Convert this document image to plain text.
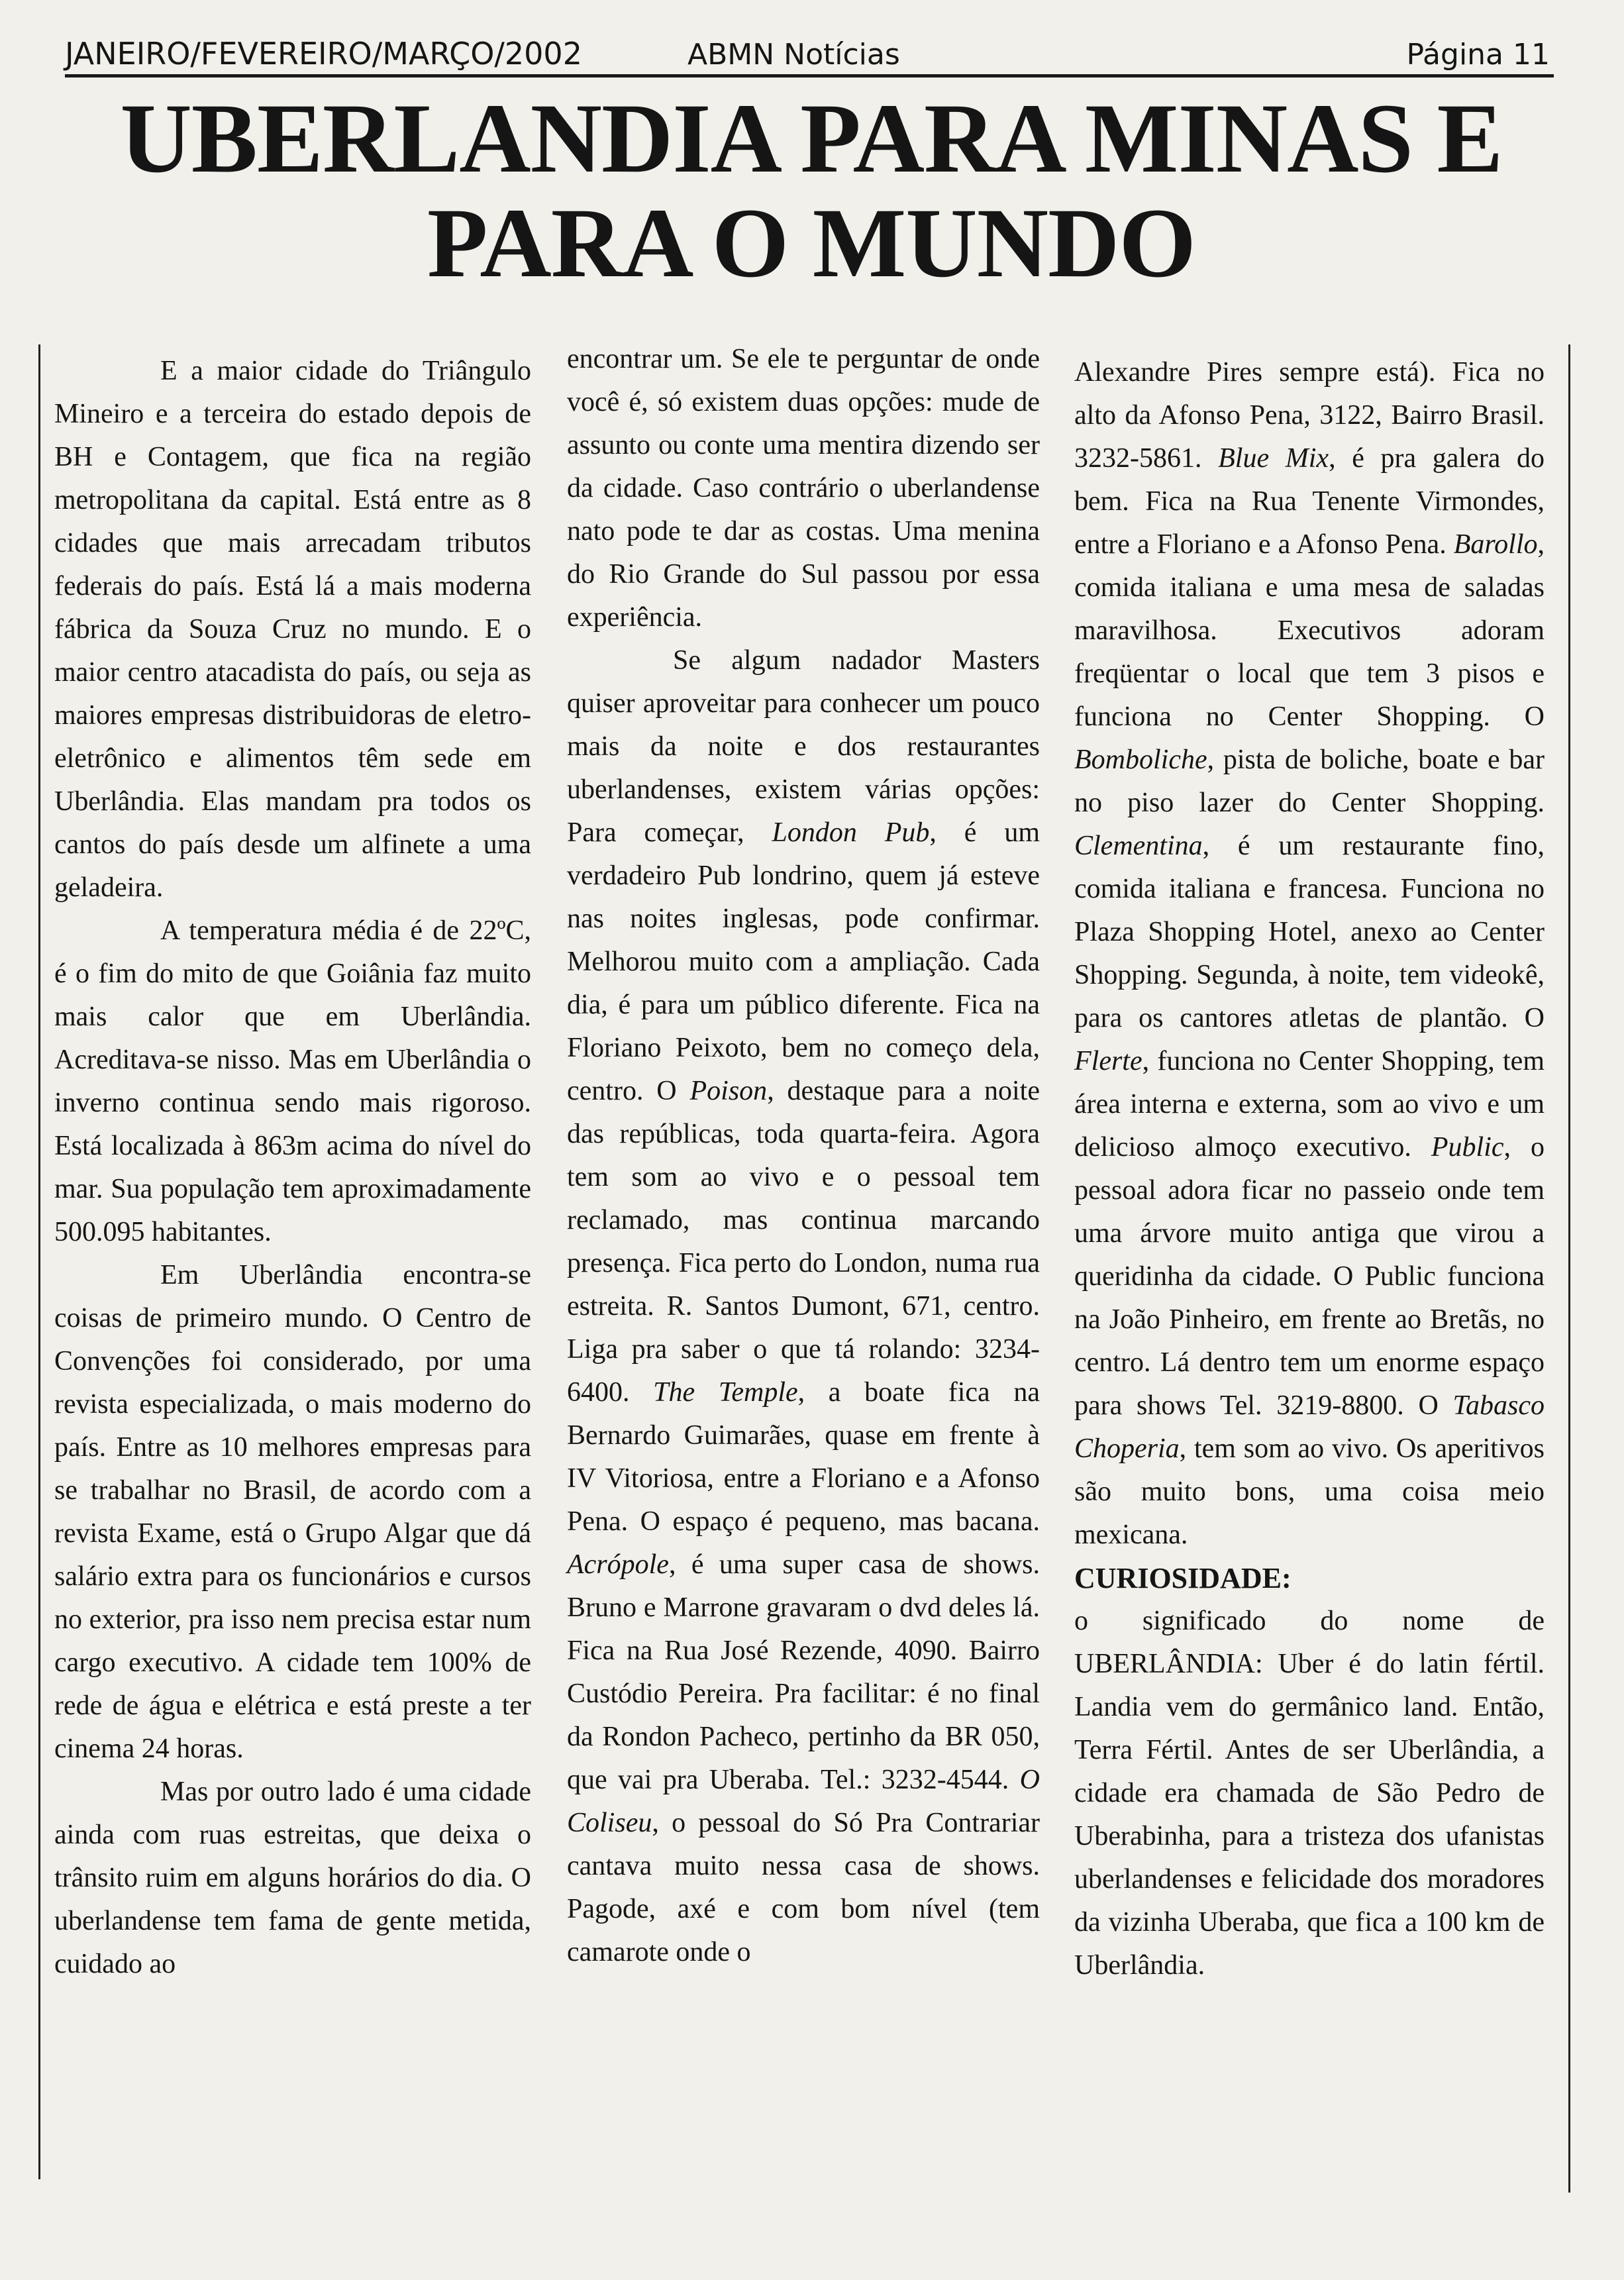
JANEIRO/FEVEREIRO/MARÇO/2002	ABMN Notícias	Página 11
UBERLANDIA PARA MINAS E
PARA O MUNDO

E a maior cidade do Triângulo Mineiro e a terceira do estado depois de BH e Contagem, que fica na região metropolitana da capital. Está entre as 8 cidades que mais arrecadam tributos federais do país. Está lá a mais moderna fábrica da Souza Cruz no mundo. E o maior centro atacadista do país, ou seja as maiores empresas distribuidoras de eletro-eletrônico e alimentos têm sede em Uberlândia. Elas mandam pra todos os cantos do país desde um alfinete a uma geladeira.

A temperatura média é de 22ºC, é o fim do mito de que Goiânia faz muito mais calor que em Uberlândia. Acreditava-se nisso. Mas em Uberlândia o inverno continua sendo mais rigoroso. Está localizada à 863m acima do nível do mar. Sua população tem aproximadamente 500.095 habitantes.

Em Uberlândia encontra-se coisas de primeiro mundo. O Centro de Convenções foi considerado, por uma revista especializada, o mais moderno do país. Entre as 10 melhores empresas para se trabalhar no Brasil, de acordo com a revista Exame, está o Grupo Algar que dá salário extra para os funcionários e cursos no exterior, pra isso nem precisa estar num cargo executivo. A cidade tem 100% de rede de água e elétrica e está preste a ter cinema 24 horas.

Mas por outro lado é uma cidade ainda com ruas estreitas, que deixa o trânsito ruim em alguns horários do dia. O uberlandense tem fama de gente metida, cuidado ao

encontrar um. Se ele te perguntar de onde você é, só existem duas opções: mude de assunto ou conte uma mentira dizendo ser da cidade. Caso contrário o uberlandense nato pode te dar as costas. Uma menina do Rio Grande do Sul passou por essa experiência.

Se algum nadador Masters quiser aproveitar para conhecer um pouco mais da noite e dos restaurantes uberlandenses, existem várias opções: Para começar, London Pub, é um verdadeiro Pub londrino, quem já esteve nas noites inglesas, pode confirmar. Melhorou muito com a ampliação. Cada dia, é para um público diferente. Fica na Floriano Peixoto, bem no começo dela, centro. O Poison, destaque para a noite das repúblicas, toda quarta-feira. Agora tem som ao vivo e o pessoal tem reclamado, mas continua marcando presença. Fica perto do London, numa rua estreita. R. Santos Dumont, 671, centro. Liga pra saber o que tá rolando: 3234-6400. The Temple, a boate fica na Bernardo Guimarães, quase em frente à IV Vitoriosa, entre a Floriano e a Afonso Pena. O espaço é pequeno, mas bacana. Acrópole, é uma super casa de shows. Bruno e Marrone gravaram o dvd deles lá. Fica na Rua José Rezende, 4090. Bairro Custódio Pereira. Pra facilitar: é no final da Rondon Pacheco, pertinho da BR 050, que vai pra Uberaba. Tel.: 3232-4544. O Coliseu, o pessoal do Só Pra Contrariar cantava muito nessa casa de shows. Pagode, axé e com bom nível (tem camarote onde o

Alexandre Pires sempre está). Fica no alto da Afonso Pena, 3122, Bairro Brasil. 3232-5861. Blue Mix, é pra galera do bem. Fica na Rua Tenente Virmondes, entre a Floriano e a Afonso Pena. Barollo, comida italiana e uma mesa de saladas maravilhosa. Executivos adoram freqüentar o local que tem 3 pisos e funciona no Center Shopping. O Bomboliche, pista de boliche, boate e bar no piso lazer do Center Shopping. Clementina, é um restaurante fino, comida italiana e francesa. Funciona no Plaza Shopping Hotel, anexo ao Center Shopping. Segunda, à noite, tem videokê, para os cantores atletas de plantão. O Flerte, funciona no Center Shopping, tem área interna e externa, som ao vivo e um delicioso almoço executivo. Public, o pessoal adora ficar no passeio onde tem uma árvore muito antiga que virou a queridinha da cidade. O Public funciona na João Pinheiro, em frente ao Bretãs, no centro. Lá dentro tem um enorme espaço para shows Tel. 3219-8800. O Tabasco Choperia, tem som ao vivo. Os aperitivos são muito bons, uma coisa meio mexicana.

CURIOSIDADE:

o significado do nome de UBERLÂNDIA: Uber é do latin fértil. Landia vem do germânico land. Então, Terra Fértil. Antes de ser Uberlândia, a cidade era chamada de São Pedro de Uberabinha, para a tristeza dos ufanistas uberlandenses e felicidade dos moradores da vizinha Uberaba, que fica a 100 km de Uberlândia.
